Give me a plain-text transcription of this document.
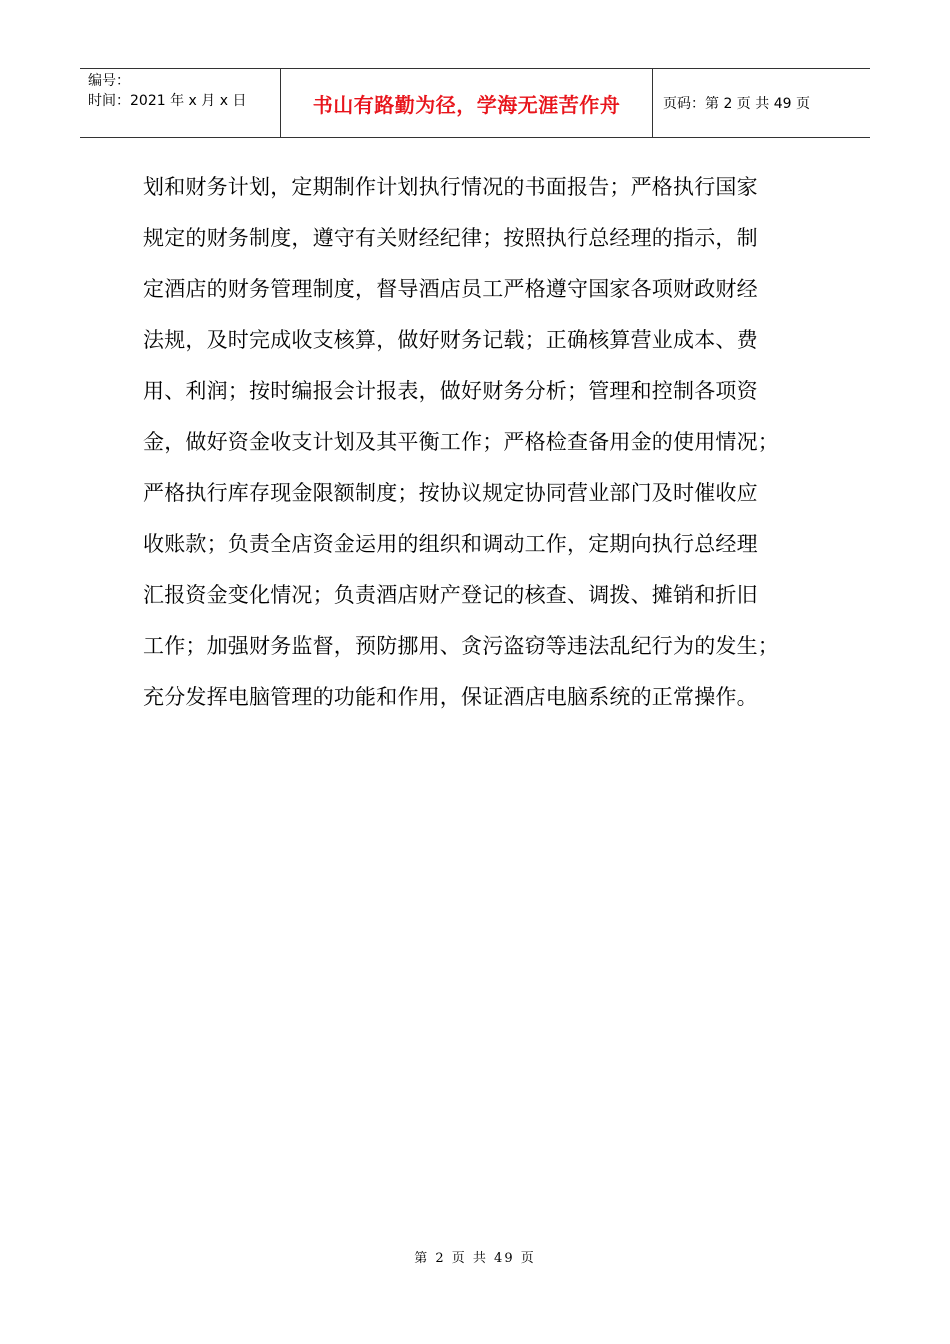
编号：
时间：2021 年 x 月 x 日	书山有路勤为径，学海无涯苦作舟	页码：第 2 页 共 49 页
划和财务计划，定期制作计划执行情况的书面报告；严格执行国家
规定的财务制度，遵守有关财经纪律；按照执行总经理的指示，制
定酒店的财务管理制度，督导酒店员工严格遵守国家各项财政财经
法规，及时完成收支核算，做好财务记载；正确核算营业成本、费
用、利润；按时编报会计报表，做好财务分析；管理和控制各项资
金，做好资金收支计划及其平衡工作；严格检查备用金的使用情况；
严格执行库存现金限额制度；按协议规定协同营业部门及时催收应
收账款；负责全店资金运用的组织和调动工作，定期向执行总经理
汇报资金变化情况；负责酒店财产登记的核查、调拨、摊销和折旧
工作；加强财务监督，预防挪用、贪污盗窃等违法乱纪行为的发生；
充分发挥电脑管理的功能和作用，保证酒店电脑系统的正常操作。
第 2 页 共 49 页
